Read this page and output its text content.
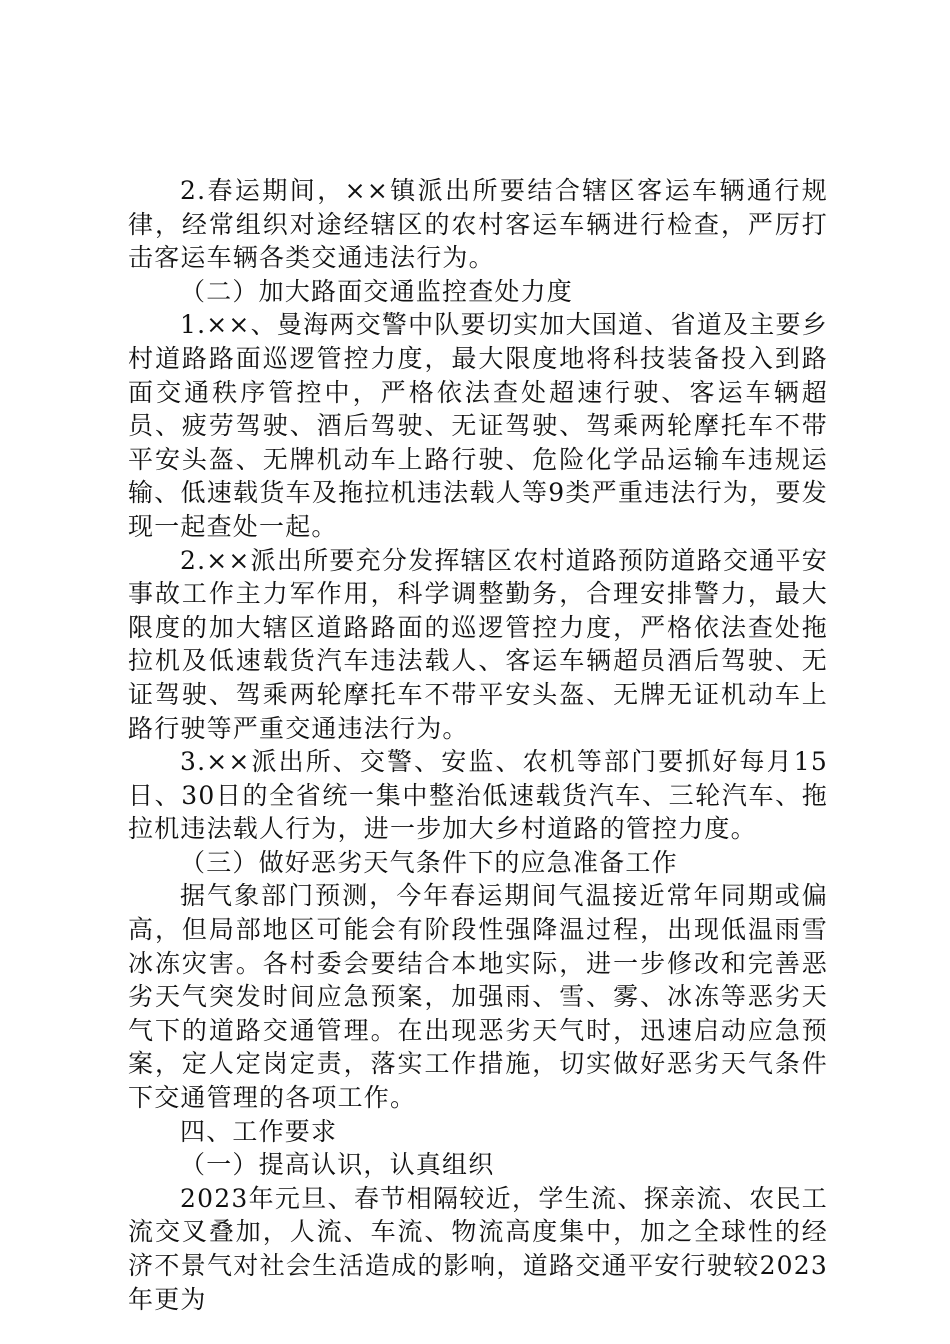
2.春运期间，××镇派出所要结合辖区客运车辆通行规律，经常组织对途经辖区的农村客运车辆进行检查，严厉打击客运车辆各类交通违法行为。

（二）加大路面交通监控查处力度

1.××、曼海两交警中队要切实加大国道、省道及主要乡村道路路面巡逻管控力度，最大限度地将科技装备投入到路面交通秩序管控中，严格依法查处超速行驶、客运车辆超员、疲劳驾驶、酒后驾驶、无证驾驶、驾乘两轮摩托车不带平安头盔、无牌机动车上路行驶、危险化学品运输车违规运输、低速载货车及拖拉机违法载人等9类严重违法行为，要发现一起查处一起。

2.××派出所要充分发挥辖区农村道路预防道路交通平安事故工作主力军作用，科学调整勤务，合理安排警力，最大限度的加大辖区道路路面的巡逻管控力度，严格依法查处拖拉机及低速载货汽车违法载人、客运车辆超员酒后驾驶、无证驾驶、驾乘两轮摩托车不带平安头盔、无牌无证机动车上路行驶等严重交通违法行为。

3.××派出所、交警、安监、农机等部门要抓好每月15日、30日的全省统一集中整治低速载货汽车、三轮汽车、拖拉机违法载人行为，进一步加大乡村道路的管控力度。

（三）做好恶劣天气条件下的应急准备工作

据气象部门预测，今年春运期间气温接近常年同期或偏高，但局部地区可能会有阶段性强降温过程，出现低温雨雪冰冻灾害。各村委会要结合本地实际，进一步修改和完善恶劣天气突发时间应急预案，加强雨、雪、雾、冰冻等恶劣天气下的道路交通管理。在出现恶劣天气时，迅速启动应急预案，定人定岗定责，落实工作措施，切实做好恶劣天气条件下交通管理的各项工作。

四、工作要求

（一）提高认识，认真组织

2023年元旦、春节相隔较近，学生流、探亲流、农民工流交叉叠加，人流、车流、物流高度集中，加之全球性的经济不景气对社会生活造成的影响，道路交通平安行驶较2023年更为
